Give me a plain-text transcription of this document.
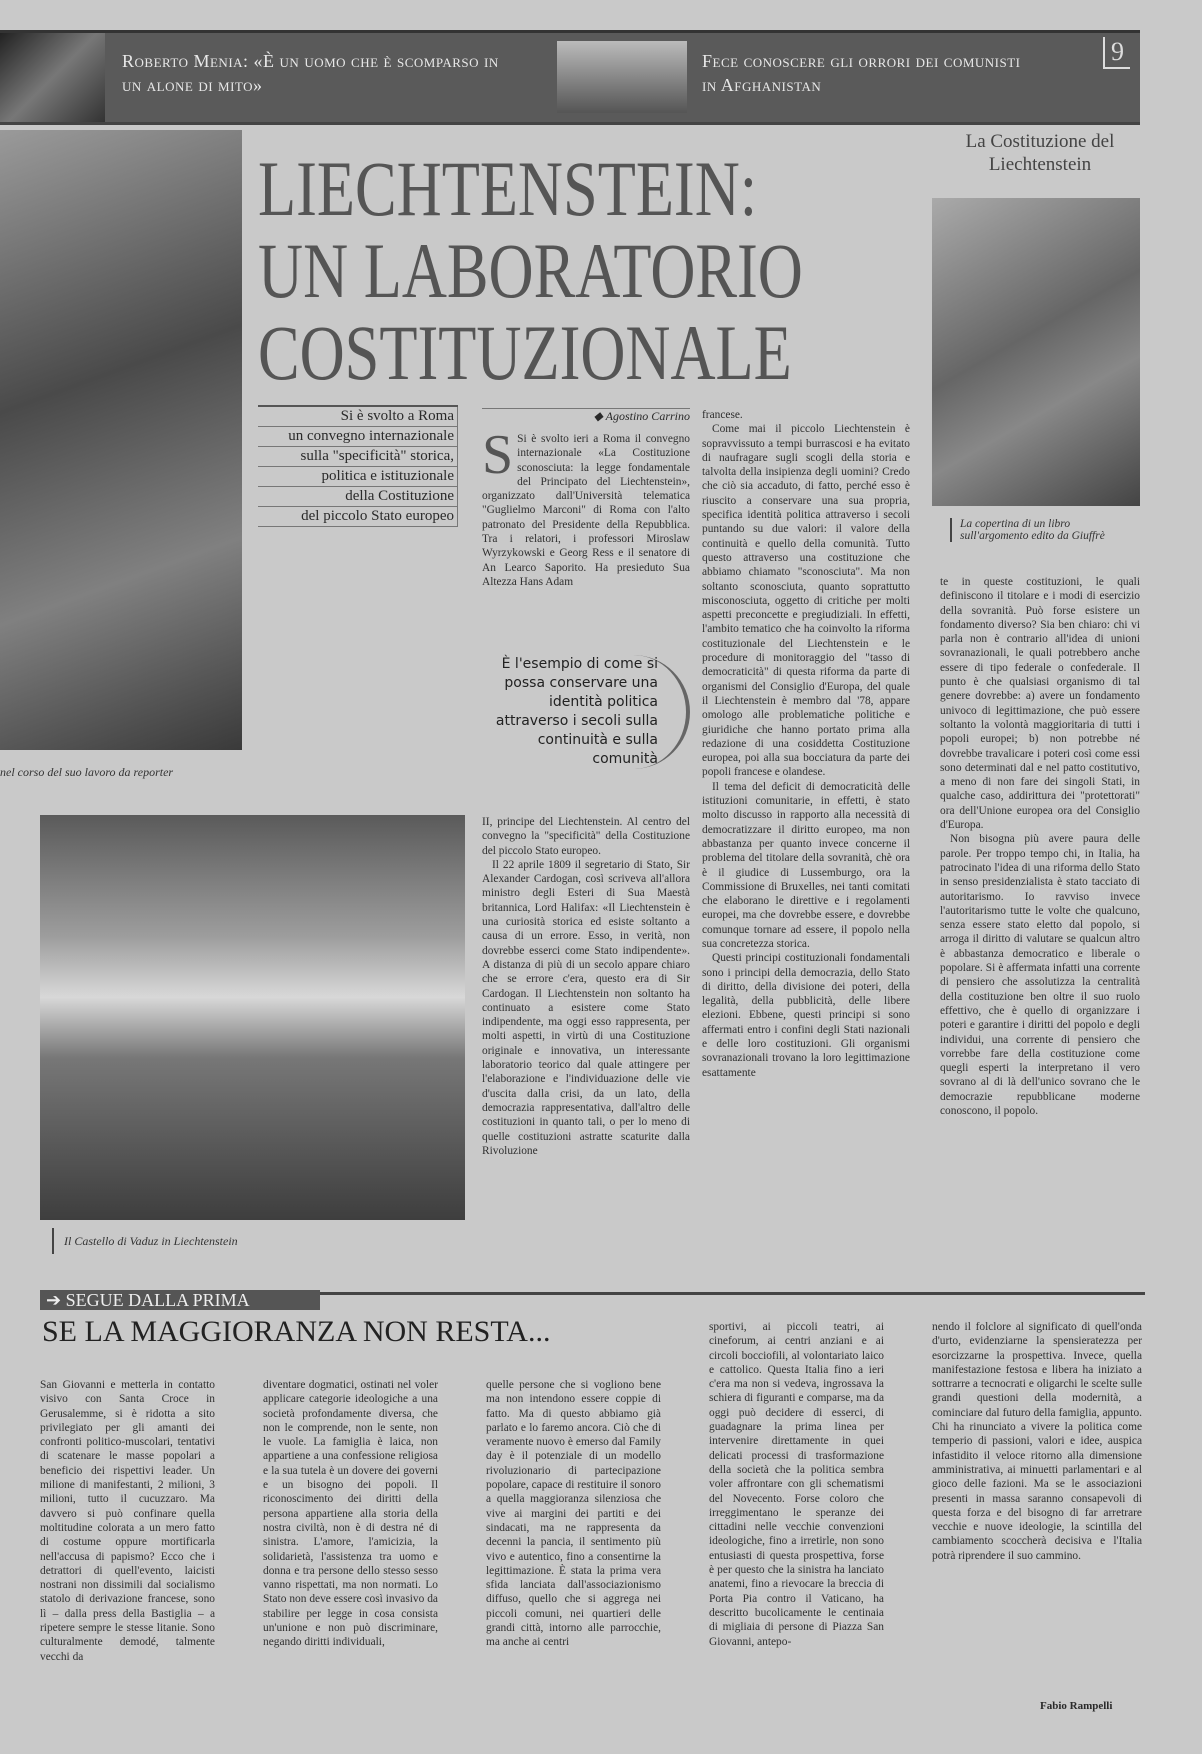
Roberto Menia: «È un uomo che è scomparso in un alone di mito»
Fece conoscere gli orrori dei comunisti in Afghanistan
9
nel corso del suo lavoro da reporter
LIECHTENSTEIN:
UN LABORATORIO
COSTITUZIONALE
La Costituzione del Liechtenstein
La copertina di un libro sull'argomento edito da Giuffrè
Si è svolto a Roma
un convegno internazionale
sulla "specificità" storica,
politica e istituzionale
della Costituzione
del piccolo Stato europeo
◆ Agostino Carrino

S Si è svolto ieri a Roma il convegno internazionale «La Costituzione sconosciuta: la legge fondamentale del Principato del Liechtenstein», organizzato dall'Università telematica "Guglielmo Marconi" di Roma con l'alto patronato del Presidente della Repubblica. Tra i relatori, i professori Miroslaw Wyrzykowski e Georg Ress e il senatore di An Learco Saporito. Ha presieduto Sua Altezza Hans Adam

È l'esempio di come si possa conservare una identità politica attraverso i secoli sulla continuità e sulla comunità

II, principe del Liechtenstein. Al centro del convegno la "specificità" della Costituzione del piccolo Stato europeo.

Il 22 aprile 1809 il segretario di Stato, Sir Alexander Cardogan, così scriveva all'allora ministro degli Esteri di Sua Maestà britannica, Lord Halifax: «Il Liechtenstein è una curiosità storica ed esiste soltanto a causa di un errore. Esso, in verità, non dovrebbe esserci come Stato indipendente». A distanza di più di un secolo appare chiaro che se errore c'era, questo era di Sir Cardogan. Il Liechtenstein non soltanto ha continuato a esistere come Stato indipendente, ma oggi esso rappresenta, per molti aspetti, in virtù di una Costituzione originale e innovativa, un interessante laboratorio teorico dal quale attingere per l'elaborazione e l'individuazione delle vie d'uscita dalla crisi, da un lato, della democrazia rappresentativa, dall'altro delle costituzioni in quanto tali, o per lo meno di quelle costituzioni astratte scaturite dalla Rivoluzione

francese.

Come mai il piccolo Liechtenstein è sopravvissuto a tempi burrascosi e ha evitato di naufragare sugli scogli della storia e talvolta della insipienza degli uomini? Credo che ciò sia accaduto, di fatto, perché esso è riuscito a conservare una sua propria, specifica identità politica attraverso i secoli puntando su due valori: il valore della continuità e quello della comunità. Tutto questo attraverso una costituzione che abbiamo chiamato "sconosciuta". Ma non soltanto sconosciuta, quanto soprattutto misconosciuta, oggetto di critiche per molti aspetti preconcette e pregiudiziali. In effetti, l'ambito tematico che ha coinvolto la riforma costituzionale del Liechtenstein e le procedure di monitoraggio del "tasso di democraticità" di questa riforma da parte di organismi del Consiglio d'Europa, del quale il Liechtenstein è membro dal '78, appare omologo alle problematiche politiche e giuridiche che hanno portato prima alla redazione di una cosiddetta Costituzione europea, poi alla sua bocciatura da parte dei popoli francese e olandese.

Il tema del deficit di democraticità delle istituzioni comunitarie, in effetti, è stato molto discusso in rapporto alla necessità di democratizzare il diritto europeo, ma non abbastanza per quanto invece concerne il problema del titolare della sovranità, chè ora è il giudice di Lussemburgo, ora la Commissione di Bruxelles, nei tanti comitati che elaborano le direttive e i regolamenti europei, ma che dovrebbe essere, e dovrebbe comunque tornare ad essere, il popolo nella sua concretezza storica.

Questi principi costituzionali fondamentali sono i principi della democrazia, dello Stato di diritto, della divisione dei poteri, della legalità, della pubblicità, delle libere elezioni. Ebbene, questi principi si sono affermati entro i confini degli Stati nazionali e delle loro costituzioni. Gli organismi sovranazionali trovano la loro legittimazione esattamente

te in queste costituzioni, le quali definiscono il titolare e i modi di esercizio della sovranità. Può forse esistere un fondamento diverso? Sia ben chiaro: chi vi parla non è contrario all'idea di unioni sovranazionali, le quali potrebbero anche essere di tipo federale o confederale. Il punto è che qualsiasi organismo di tal genere dovrebbe: a) avere un fondamento univoco di legittimazione, che può essere soltanto la volontà maggioritaria di tutti i popoli europei; b) non potrebbe né dovrebbe travalicare i poteri così come essi sono determinati dal e nel patto costitutivo, a meno di non fare dei singoli Stati, in qualche caso, addirittura dei "protettorati" ora dell'Unione europea ora del Consiglio d'Europa.

Non bisogna più avere paura delle parole. Per troppo tempo chi, in Italia, ha patrocinato l'idea di una riforma dello Stato in senso presidenzialista è stato tacciato di autoritarismo. Io ravviso invece l'autoritarismo tutte le volte che qualcuno, senza essere stato eletto dal popolo, si arroga il diritto di valutare se qualcun altro è abbastanza democratico e liberale o popolare. Si è affermata infatti una corrente di pensiero che assolutizza la centralità della costituzione ben oltre il suo ruolo effettivo, che è quello di organizzare i poteri e garantire i diritti del popolo e degli individui, una corrente di pensiero che vorrebbe fare della costituzione come quegli esperti la interpretano il vero sovrano al di là dell'unico sovrano che le democrazie repubblicane moderne conoscono, il popolo.

Il Castello di Vaduz in Liechtenstein
➔ SEGUE DALLA PRIMA
SE LA MAGGIORANZA NON RESTA...
San Giovanni e metterla in contatto visivo con Santa Croce in Gerusalemme, si è ridotta a sito privilegiato per gli amanti dei confronti politico-muscolari, tentativi di scatenare le masse popolari a beneficio dei rispettivi leader. Un milione di manifestanti, 2 milioni, 3 milioni, tutto il cucuzzaro. Ma davvero si può confinare quella moltitudine colorata a un mero fatto di costume oppure mortificarla nell'accusa di papismo? Ecco che i detrattori di quell'evento, laicisti nostrani non dissimili dal socialismo statolo di derivazione francese, sono lì – dalla press della Bastiglia – a ripetere sempre le stesse litanie. Sono culturalmente demodé, talmente vecchi da
diventare dogmatici, ostinati nel voler applicare categorie ideologiche a una società profondamente diversa, che non le comprende, non le sente, non le vuole. La famiglia è laica, non appartiene a una confessione religiosa e la sua tutela è un dovere dei governi e un bisogno dei popoli. Il riconoscimento dei diritti della persona appartiene alla storia della nostra civiltà, non è di destra né di sinistra. L'amore, l'amicizia, la solidarietà, l'assistenza tra uomo e donna e tra persone dello stesso sesso vanno rispettati, ma non normati. Lo Stato non deve essere così invasivo da stabilire per legge in cosa consista un'unione e non può discriminare, negando diritti individuali,
quelle persone che si vogliono bene ma non intendono essere coppie di fatto. Ma di questo abbiamo già parlato e lo faremo ancora. Ciò che di veramente nuovo è emerso dal Family day è il potenziale di un modello rivoluzionario di partecipazione popolare, capace di restituire il sonoro a quella maggioranza silenziosa che vive ai margini dei partiti e dei sindacati, ma ne rappresenta da decenni la pancia, il sentimento più vivo e autentico, fino a consentirne la legittimazione. È stata la prima vera sfida lanciata dall'associazionismo diffuso, quello che si aggrega nei piccoli comuni, nei quartieri delle grandi città, intorno alle parrocchie, ma anche ai centri
sportivi, ai piccoli teatri, ai cineforum, ai centri anziani e ai circoli bocciofili, al volontariato laico e cattolico. Questa Italia fino a ieri c'era ma non si vedeva, ingrossava la schiera di figuranti e comparse, ma da oggi può decidere di esserci, di guadagnare la prima linea per intervenire direttamente in quei delicati processi di trasformazione della società che la politica sembra voler affrontare con gli schematismi del Novecento. Forse coloro che irreggimentano le speranze dei cittadini nelle vecchie convenzioni ideologiche, fino a irretirle, non sono entusiasti di questa prospettiva, forse è per questo che la sinistra ha lanciato anatemi, fino a rievocare la breccia di Porta Pia contro il Vaticano, ha descritto bucolicamente le centinaia di migliaia di persone di Piazza San Giovanni, antepo-
nendo il folclore al significato di quell'onda d'urto, evidenziarne la spensieratezza per esorcizzarne la prospettiva. Invece, quella manifestazione festosa e libera ha iniziato a sottrarre a tecnocrati e oligarchi le scelte sulle grandi questioni della modernità, a cominciare dal futuro della famiglia, appunto. Chi ha rinunciato a vivere la politica come temperio di passioni, valori e idee, auspica infastidito il veloce ritorno alla dimensione amministrativa, ai minuetti parlamentari e al gioco delle fazioni. Ma se le associazioni presenti in massa saranno consapevoli di questa forza e del bisogno di far arretrare vecchie e nuove ideologie, la scintilla del cambiamento scoccherà decisiva e l'Italia potrà riprendere il suo cammino.
Fabio Rampelli
